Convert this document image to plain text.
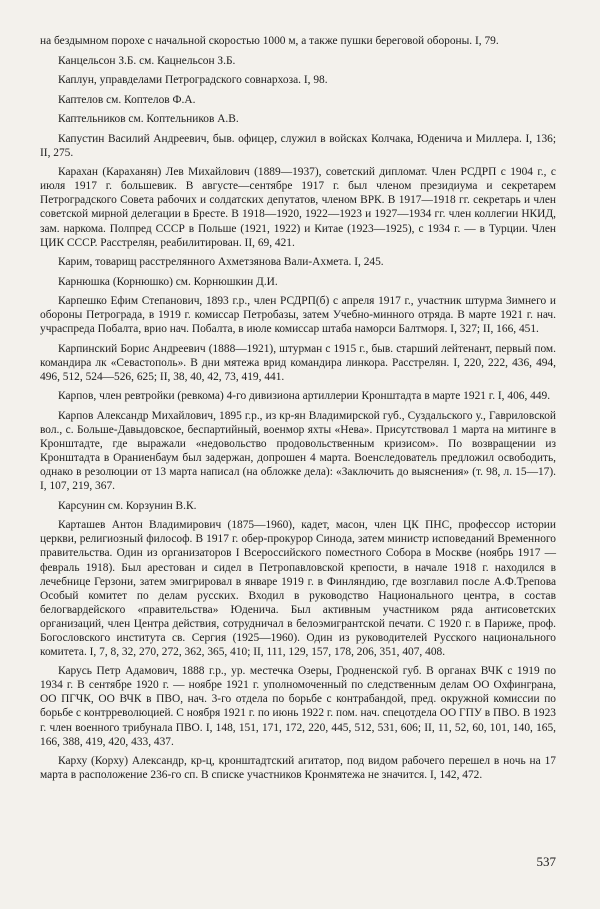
на бездымном порохе с начальной скоростью 1000 м, а также пушки береговой обороны. I, 79.

Канцельсон З.Б. см. Кацнельсон З.Б.

Каплун, управделами Петроградского совнархоза. I, 98.

Каптелов см. Коптелов Ф.А.

Каптельников см. Коптельников А.В.

Капустин Василий Андреевич, быв. офицер, служил в войсках Колчака, Юденича и Миллера. I, 136; II, 275.

Карахан (Караханян) Лев Михайлович (1889—1937), советский дипломат. Член РСДРП с 1904 г., с июля 1917 г. большевик. В августе—сентябре 1917 г. был членом президиума и секретарем Петроградского Совета рабочих и солдатских депутатов, членом ВРК. В 1917—1918 гг. секретарь и член советской мирной делегации в Бресте. В 1918—1920, 1922—1923 и 1927—1934 гг. член коллегии НКИД, зам. наркома. Полпред СССР в Польше (1921, 1922) и Китае (1923—1925), с 1934 г. — в Турции. Член ЦИК СССР. Расстрелян, реабилитирован. II, 69, 421.

Карим, товарищ расстрелянного Ахметзянова Вали-Ахмета. I, 245.

Карнюшка (Корнюшко) см. Корнюшкин Д.И.

Карпешко Ефим Степанович, 1893 г.р., член РСДРП(б) с апреля 1917 г., участник штурма Зимнего и обороны Петрограда, в 1919 г. комиссар Петробазы, затем Учебно-минного отряда. В марте 1921 г. нач. учраспреда Побалта, врио нач. Побалта, в июле комиссар штаба наморси Балтморя. I, 327; II, 166, 451.

Карпинский Борис Андреевич (1888—1921), штурман с 1915 г., быв. старший лейтенант, первый пом. командира лк «Севастополь». В дни мятежа врид командира линкора. Расстрелян. I, 220, 222, 436, 494, 496, 512, 524—526, 625; II, 38, 40, 42, 73, 419, 441.

Карпов, член ревтройки (ревкома) 4-го дивизиона артиллерии Кронштадта в марте 1921 г. I, 406, 449.

Карпов Александр Михайлович, 1895 г.р., из кр-ян Владимирской губ., Суздальского у., Гавриловской вол., с. Больше-Давыдовское, беспартийный, военмор яхты «Нева». Присутствовал 1 марта на митинге в Кронштадте, где выражали «недовольство продовольственным кризисом». По возвращении из Кронштадта в Ораниенбаум был задержан, допрошен 4 марта. Военследователь предложил освободить, однако в резолюции от 13 марта написал (на обложке дела): «Заключить до выяснения» (т. 98, л. 15—17). I, 107, 219, 367.

Карсунин см. Корзунин В.К.

Карташев Антон Владимирович (1875—1960), кадет, масон, член ЦК ПНС, профессор истории церкви, религиозный философ. В 1917 г. обер-прокурор Синода, затем министр исповеданий Временного правительства. Один из организаторов I Всероссийского поместного Собора в Москве (ноябрь 1917 — февраль 1918). Был арестован и сидел в Петропавловской крепости, в начале 1918 г. находился в лечебнице Герзони, затем эмигрировал в январе 1919 г. в Финляндию, где возглавил после А.Ф.Трепова Особый комитет по делам русских. Входил в руководство Национального центра, в состав белогвардейского «правительства» Юденича. Был активным участником ряда антисоветских организаций, член Центра действия, сотрудничал в белоэмигрантской печати. С 1920 г. в Париже, проф. Богословского института св. Сергия (1925—1960). Один из руководителей Русского национального комитета. I, 7, 8, 32, 270, 272, 362, 365, 410; II, 111, 129, 157, 178, 206, 351, 407, 408.

Карусь Петр Адамович, 1888 г.р., ур. местечка Озеры, Гродненской губ. В органах ВЧК с 1919 по 1934 г. В сентябре 1920 г. — ноябре 1921 г. уполномоченный по следственным делам ОО Охфинграна, ОО ПГЧК, ОО ВЧК в ПВО, нач. 3-го отдела по борьбе с контрабандой, пред. окружной комиссии по борьбе с контрреволюцией. С ноября 1921 г. по июнь 1922 г. пом. нач. спецотдела ОО ГПУ в ПВО. В 1923 г. член военного трибунала ПВО. I, 148, 151, 171, 172, 220, 445, 512, 531, 606; II, 11, 52, 60, 101, 140, 165, 166, 388, 419, 420, 433, 437.

Карху (Корху) Александр, кр-ц, кронштадтский агитатор, под видом рабочего перешел в ночь на 17 марта в расположение 236-го сп. В списке участников Кронмятежа не значится. I, 142, 472.

537
